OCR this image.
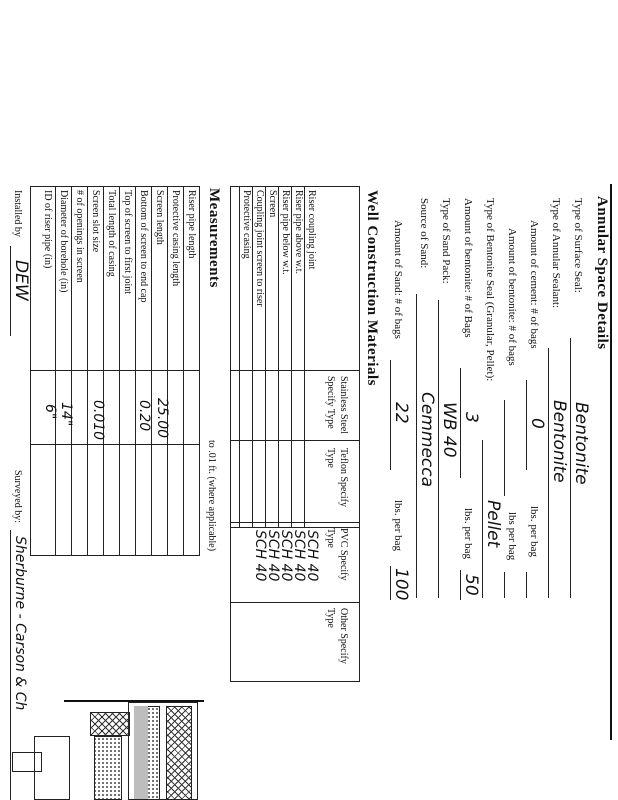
Annular Space Details
Type of Surface Seal:
Bentonite
Type of Annular Sealant:
Bentonite
Amount of cement: # of bags
0
lbs. per bag
Amount of bentonite: # of bags
lbs per bag
Type of Bentonite Seal (Granular, Pellet):
Pellet
Amount of bentonite: # of Bags
3
lbs. per bag
50
Type of Sand Pack:
WB 40
Source of Sand:
Cemmecca
Amount of Sand: # of bags
22
lbs. per bag
100
Well Construction Materials
Stainless Steel Specify Type
Teflon Specify Type
PVC Specify Type
Other Specify Type
Riser coupling joint
Riser pipe above w.t.
Riser pipe below w.t.
Screen
Coupling joint screen to riser
Protective casing
SCH 40
SCH 40
SCH 40
SCH 40
SCH 40
Measurements
to .01 ft. (where applicable)
Riser pipe length
Protective casing length
Screen length
Bottom of screen to end cap
Top of screen to first joint
Total length of casing
Screen slot size
# of openings in screen
Diameter of borehole (in)
ID of riser pipe (in)
25.00
0.20
0.010
14"
6"
Installed by
DEW
Surveyed by:
Sherburne - Carson & Ch
